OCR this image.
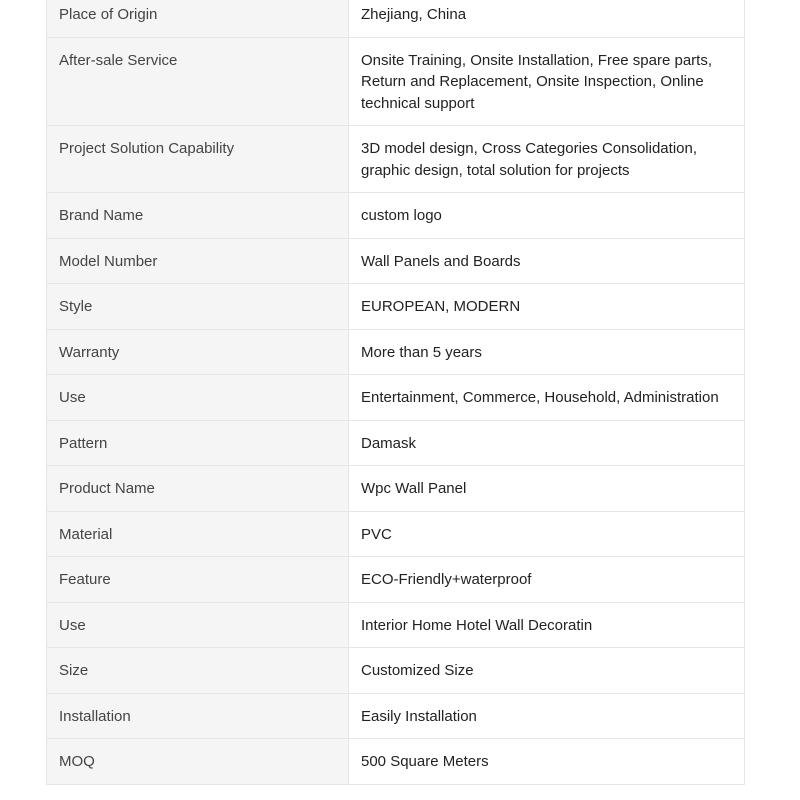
Place of Origin	Zhejiang, China
After-sale Service	Onsite Training, Onsite Installation, Free spare parts, Return and Replacement, Onsite Inspection, Online technical support
Project Solution Capability	3D model design, Cross Categories Consolidation, graphic design, total solution for projects
Brand Name	custom logo
Model Number	Wall Panels and Boards
Style	EUROPEAN, MODERN
Warranty	More than 5 years
Use	Entertainment, Commerce, Household, Administration
Pattern	Damask
Product Name	Wpc Wall Panel
Material	PVC
Feature	ECO-Friendly+waterproof
Use	Interior Home Hotel Wall Decoratin
Size	Customized Size
Installation	Easily Installation
MOQ	500 Square Meters
